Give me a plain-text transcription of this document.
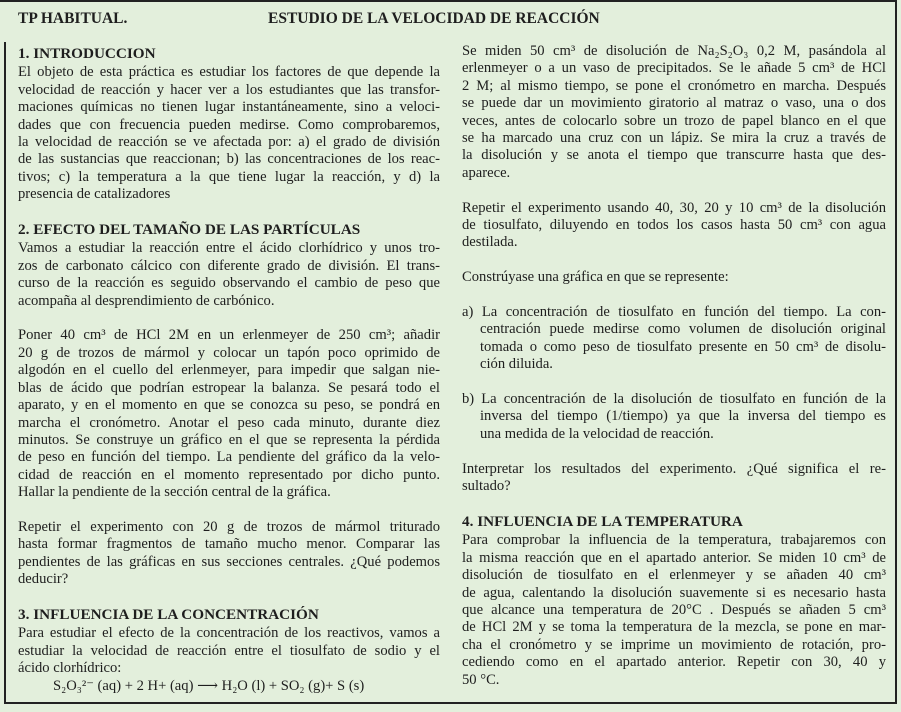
TP HABITUAL.	ESTUDIO DE LA VELOCIDAD DE REACCIÓN
1. INTRODUCCION
El objeto de esta práctica es estudiar los factores de que depende la
velocidad de reacción y hacer ver a los estudiantes que las transfor-
maciones químicas no tienen lugar instantáneamente, sino a veloci-
dades que con frecuencia pueden medirse. Como comprobaremos,
la velocidad de reacción se ve afectada por: a) el grado de división
de las sustancias que reaccionan; b) las concentraciones de los reac-
tivos; c) la temperatura a la que tiene lugar la reacción, y d) la
presencia de catalizadores
2. EFECTO DEL TAMAÑO DE LAS PARTÍCULAS
Vamos a estudiar la reacción entre el ácido clorhídrico y unos tro-
zos de carbonato cálcico con diferente grado de división. El trans-
curso de la reacción es seguido observando el cambio de peso que
acompaña al desprendimiento de carbónico.
Poner 40 cm³ de HCl 2M en un erlenmeyer de 250 cm³; añadir
20 g de trozos de mármol y colocar un tapón poco oprimido de
algodón en el cuello del erlenmeyer, para impedir que salgan nie-
blas de ácido que podrían estropear la balanza. Se pesará todo el
aparato, y en el momento en que se conozca su peso, se pondrá en
marcha el cronómetro. Anotar el peso cada minuto, durante diez
minutos. Se construye un gráfico en el que se representa la pérdida
de peso en función del tiempo. La pendiente del gráfico da la velo-
cidad de reacción en el momento representado por dicho punto.
Hallar la pendiente de la sección central de la gráfica.
Repetir el experimento con 20 g de trozos de mármol triturado
hasta formar fragmentos de tamaño mucho menor. Comparar las
pendientes de las gráficas en sus secciones centrales. ¿Qué podemos
deducir?
3. INFLUENCIA DE LA CONCENTRACIÓN
Para estudiar el efecto de la concentración de los reactivos, vamos a
estudiar la velocidad de reacción entre el tiosulfato de sodio y el
ácido clorhídrico:
S₂O₃²⁻ (aq) + 2 H+ (aq) ⟶ H₂O (l) + SO₂ (g)+ S (s)
Se miden 50 cm³ de disolución de Na₂S₂O₃ 0,2 M, pasándola al
erlenmeyer o a un vaso de precipitados. Se le añade 5 cm³ de HCl
2 M; al mismo tiempo, se pone el cronómetro en marcha. Después
se puede dar un movimiento giratorio al matraz o vaso, una o dos
veces, antes de colocarlo sobre un trozo de papel blanco en el que
se ha marcado una cruz con un lápiz. Se mira la cruz a través de
la disolución y se anota el tiempo que transcurre hasta que des-
aparece.
Repetir el experimento usando 40, 30, 20 y 10 cm³ de la disolución
de tiosulfato, diluyendo en todos los casos hasta 50 cm³ con agua
destilada.
Constrúyase una gráfica en que se represente:
a) La concentración de tiosulfato en función del tiempo. La con-
centración puede medirse como volumen de disolución original
tomada o como peso de tiosulfato presente en 50 cm³ de disolu-
ción diluida.
b) La concentración de la disolución de tiosulfato en función de la
inversa del tiempo (1/tiempo) ya que la inversa del tiempo es
una medida de la velocidad de reacción.
Interpretar los resultados del experimento. ¿Qué significa el re-
sultado?
4. INFLUENCIA DE LA TEMPERATURA
Para comprobar la influencia de la temperatura, trabajaremos con
la misma reacción que en el apartado anterior. Se miden 10 cm³ de
disolución de tiosulfato en el erlenmeyer y se añaden 40 cm³
de agua, calentando la disolución suavemente si es necesario hasta
que alcance una temperatura de 20°C . Después se añaden 5 cm³
de HCl 2M y se toma la temperatura de la mezcla, se pone en mar-
cha el cronómetro y se imprime un movimiento de rotación, pro-
cediendo como en el apartado anterior. Repetir con 30, 40 y
50 °C.
